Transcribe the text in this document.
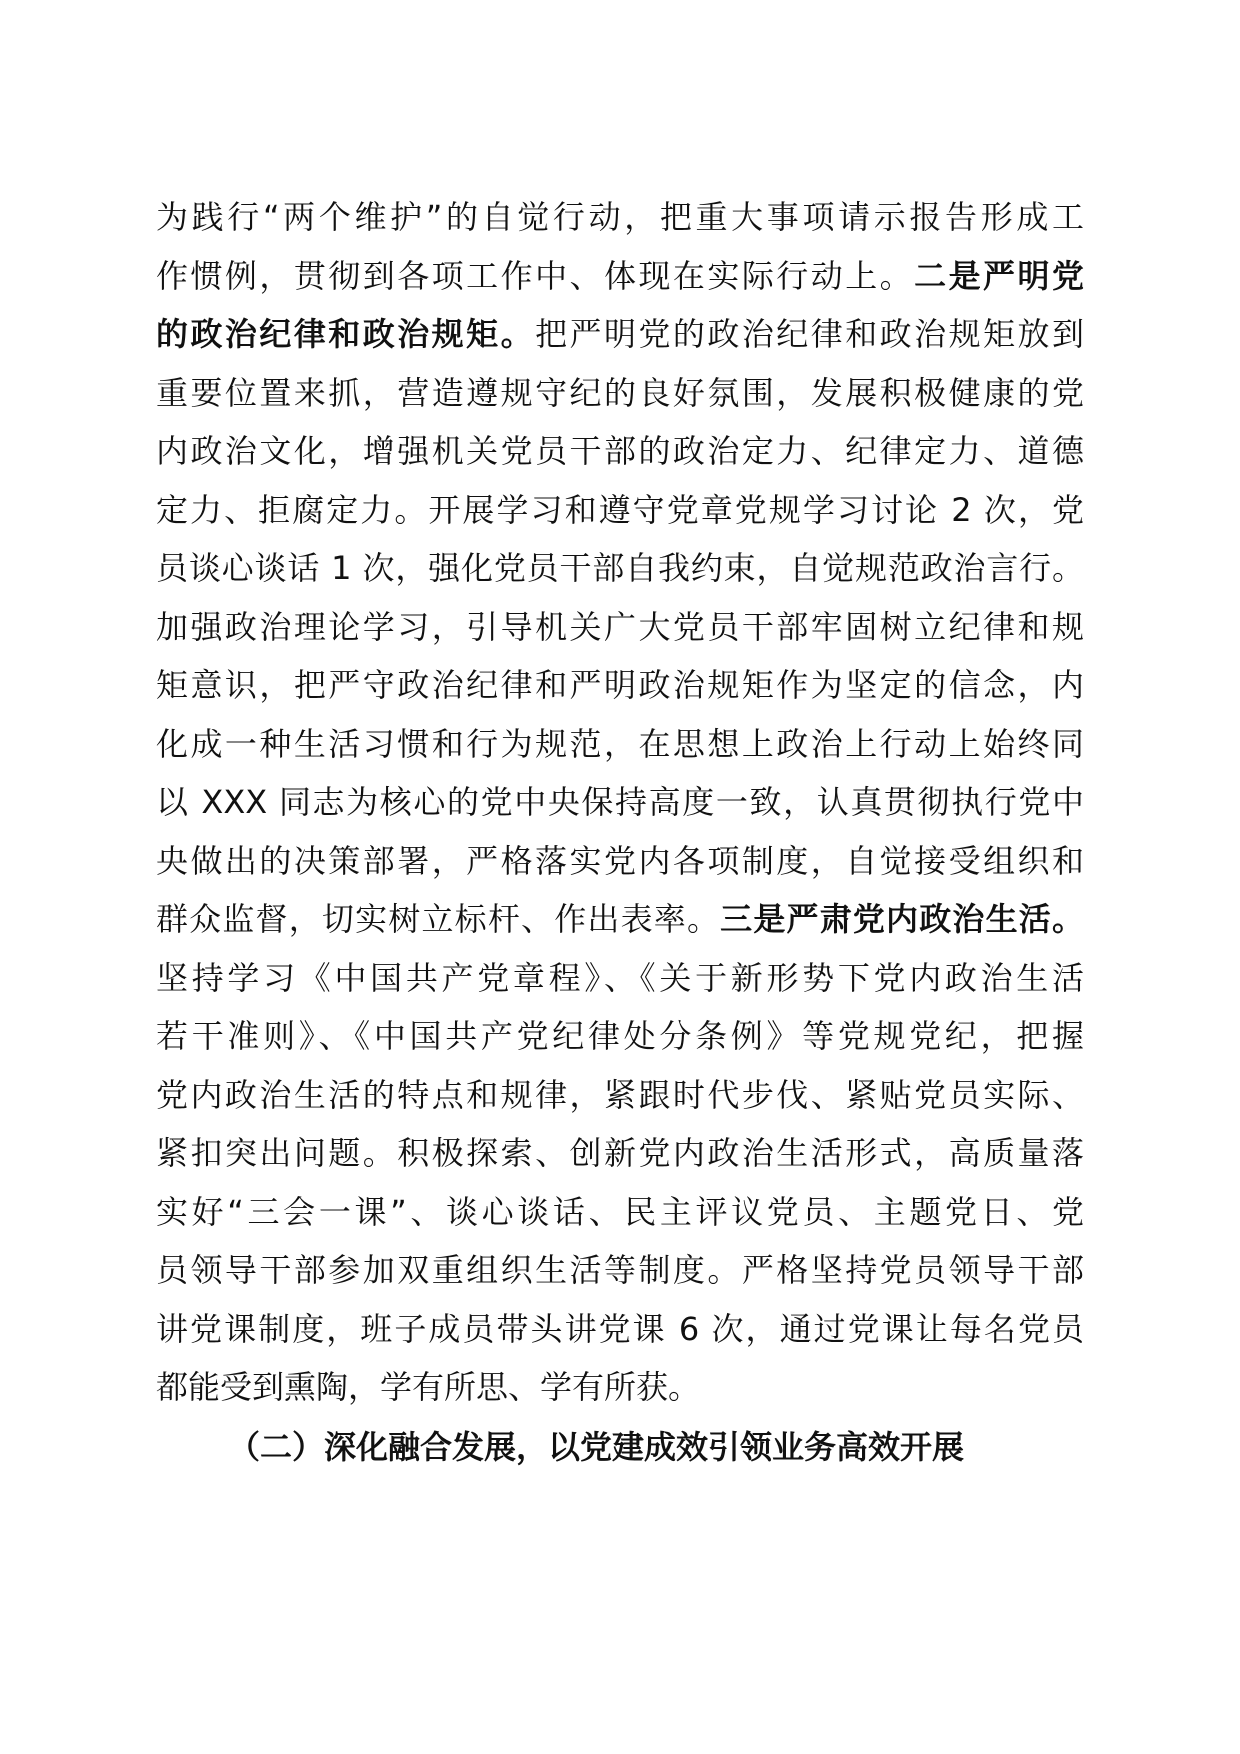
为践行“两个维护”的自觉行动，把重大事项请示报告形成工
作惯例，贯彻到各项工作中、体现在实际行动上。二是严明党
的政治纪律和政治规矩。把严明党的政治纪律和政治规矩放到
重要位置来抓，营造遵规守纪的良好氛围，发展积极健康的党
内政治文化，增强机关党员干部的政治定力、纪律定力、道德
定力、拒腐定力。开展学习和遵守党章党规学习讨论 2 次，党
员谈心谈话 1 次，强化党员干部自我约束，自觉规范政治言行。
加强政治理论学习，引导机关广大党员干部牢固树立纪律和规
矩意识，把严守政治纪律和严明政治规矩作为坚定的信念，内
化成一种生活习惯和行为规范，在思想上政治上行动上始终同
以 XXX 同志为核心的党中央保持高度一致，认真贯彻执行党中
央做出的决策部署，严格落实党内各项制度，自觉接受组织和
群众监督，切实树立标杆、作出表率。三是严肃党内政治生活。
坚持学习《中国共产党章程》、《关于新形势下党内政治生活
若干准则》、《中国共产党纪律处分条例》等党规党纪，把握
党内政治生活的特点和规律，紧跟时代步伐、紧贴党员实际、
紧扣突出问题。积极探索、创新党内政治生活形式，高质量落
实好“三会一课”、谈心谈话、民主评议党员、主题党日、党
员领导干部参加双重组织生活等制度。严格坚持党员领导干部
讲党课制度，班子成员带头讲党课 6 次，通过党课让每名党员
都能受到熏陶，学有所思、学有所获。
（二）深化融合发展，以党建成效引领业务高效开展
